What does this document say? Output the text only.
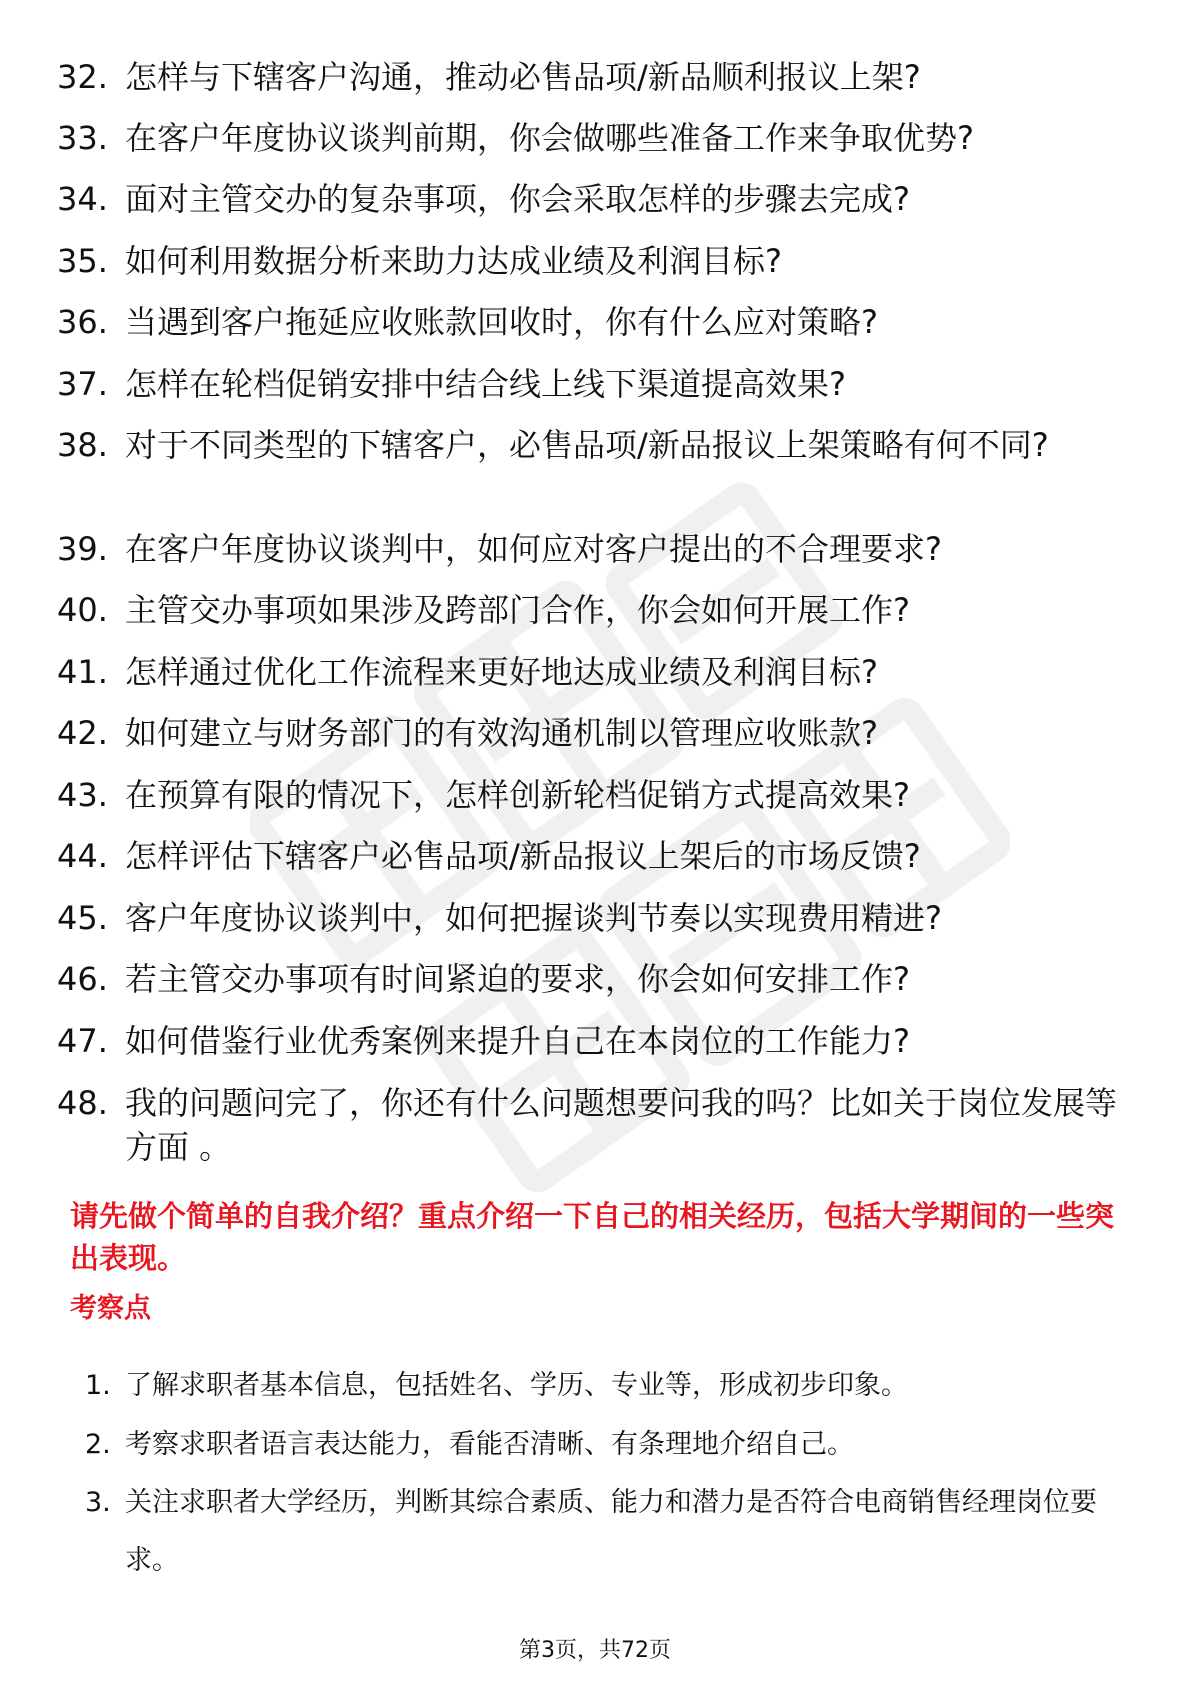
32. 怎样与下辖客户沟通，推动必售品项/新品顺利报议上架?
33. 在客户年度协议谈判前期，你会做哪些准备工作来争取优势?
34. 面对主管交办的复杂事项，你会采取怎样的步骤去完成?
35. 如何利用数据分析来助力达成业绩及利润目标?
36. 当遇到客户拖延应收账款回收时，你有什么应对策略?
37. 怎样在轮档促销安排中结合线上线下渠道提高效果?
38. 对于不同类型的下辖客户，必售品项/新品报议上架策略有何不同?
39. 在客户年度协议谈判中，如何应对客户提出的不合理要求?
40. 主管交办事项如果涉及跨部门合作，你会如何开展工作?
41. 怎样通过优化工作流程来更好地达成业绩及利润目标?
42. 如何建立与财务部门的有效沟通机制以管理应收账款?
43. 在预算有限的情况下，怎样创新轮档促销方式提高效果?
44. 怎样评估下辖客户必售品项/新品报议上架后的市场反馈?
45. 客户年度协议谈判中，如何把握谈判节奏以实现费用精进?
46. 若主管交办事项有时间紧迫的要求，你会如何安排工作?
47. 如何借鉴行业优秀案例来提升自己在本岗位的工作能力?
48. 我的问题问完了，你还有什么问题想要问我的吗？比如关于岗位发展等方面 。
请先做个简单的自我介绍？重点介绍一下自己的相关经历，包括大学期间的一些突出表现。
考察点
1. 了解求职者基本信息，包括姓名、学历、专业等，形成初步印象。
2. 考察求职者语言表达能力，看能否清晰、有条理地介绍自己。
3. 关注求职者大学经历，判断其综合素质、能力和潜力是否符合电商销售经理岗位要求。
第3页，共72页
